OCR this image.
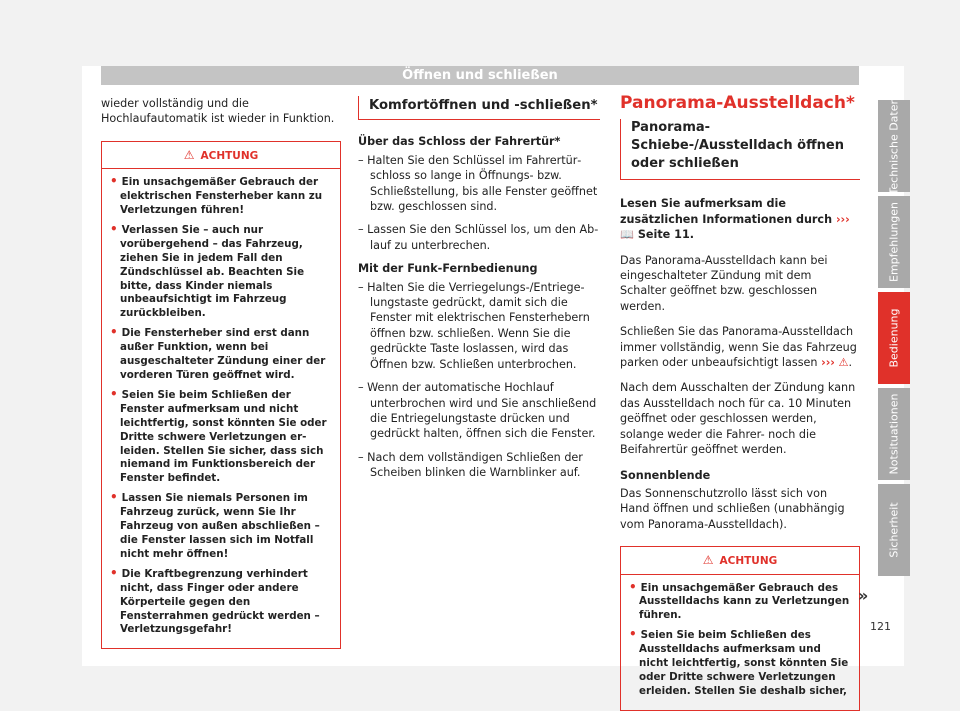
Öffnen und schließen

wieder vollständig und die Hochlaufautomatik ist wieder in Funktion.

⚠ ACHTUNG
• Ein unsachgemäßer Gebrauch der elektrischen Fensterheber kann zu Verletzungen führen!
• Verlassen Sie – auch nur vorübergehend – das Fahrzeug, ziehen Sie in jedem Fall den Zündschlüssel ab. Beachten Sie bitte, dass Kinder niemals unbeaufsichtigt im Fahrzeug zurückbleiben.
• Die Fensterheber sind erst dann außer Funktion, wenn bei ausgeschalteter Zündung einer der vorderen Türen geöffnet wird.
• Seien Sie beim Schließen der Fenster aufmerksam und nicht leichtfertig, sonst könnten Sie oder Dritte schwere Verletzungen erleiden. Stellen Sie sicher, dass sich niemand im Funktionsbereich der Fenster befindet.
• Lassen Sie niemals Personen im Fahrzeug zurück, wenn Sie Ihr Fahrzeug von außen abschließen – die Fenster lassen sich im Notfall nicht mehr öffnen!
• Die Kraftbegrenzung verhindert nicht, dass Finger oder andere Körperteile gegen den Fensterrahmen gedrückt werden – Verletzungsgefahr!
Komfortöffnen und -schließen*

Über das Schloss der Fahrertür*

– Halten Sie den Schlüssel im Fahrertürschloss so lange in Öffnungs- bzw. Schließstellung, bis alle Fenster geöffnet bzw. geschlossen sind.

– Lassen Sie den Schlüssel los, um den Ablauf zu unterbrechen.

Mit der Funk-Fernbedienung

– Halten Sie die Verriegelungs-/Entriegelungstaste gedrückt, damit sich die Fenster mit elektrischen Fensterhebern öffnen bzw. schließen. Wenn Sie die gedrückte Taste loslassen, wird das Öffnen bzw. Schließen unterbrochen.

– Wenn der automatische Hochlauf unterbrochen wird und Sie anschließend die Entriegelungstaste drücken und gedrückt halten, öffnen sich die Fenster.

– Nach dem vollständigen Schließen der Scheiben blinken die Warnblinker auf.

Panorama-Ausstelldach*
Panorama-Schiebe-/Ausstelldach öffnen oder schließen

Lesen Sie aufmerksam die zusätzlichen Informationen durch ››› 📖 Seite 11.

Das Panorama-Ausstelldach kann bei eingeschalteter Zündung mit dem Schalter geöffnet bzw. geschlossen werden.

Schließen Sie das Panorama-Ausstelldach immer vollständig, wenn Sie das Fahrzeug parken oder unbeaufsichtigt lassen ››› ⚠.

Nach dem Ausschalten der Zündung kann das Ausstelldach noch für ca. 10 Minuten geöffnet oder geschlossen werden, solange weder die Fahrer- noch die Beifahrertür geöffnet werden.

Sonnenblende

Das Sonnenschutzrollo lässt sich von Hand öffnen und schließen (unabhängig vom Panorama-Ausstelldach).

⚠ ACHTUNG
• Ein unsachgemäßer Gebrauch des Ausstelldachs kann zu Verletzungen führen.
• Seien Sie beim Schließen des Ausstelldachs aufmerksam und nicht leichtfertig, sonst könnten Sie oder Dritte schwere Verletzungen erleiden. Stellen Sie deshalb sicher,
Technische Daten
Empfehlungen
Bedienung
Notsituationen
Sicherheit
»
121
